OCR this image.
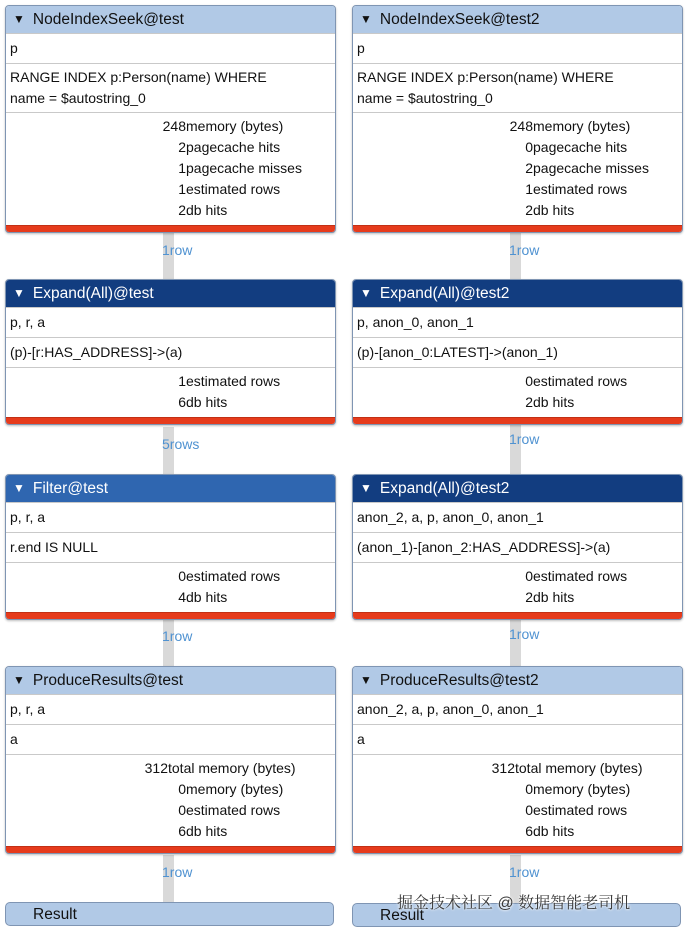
▼ NodeIndexSeek@test
p
RANGE INDEX p:Person(name) WHERE
name = $autostring_0
248memory (bytes)
2pagecache hits
1pagecache misses
1estimated rows
2db hits
1row
▼ Expand(All)@test
p, r, a
(p)-[r:HAS_ADDRESS]->(a)
1estimated rows
6db hits
5rows
▼ Filter@test
p, r, a
r.end IS NULL
0estimated rows
4db hits
1row
▼ ProduceResults@test
p, r, a
a
312total memory (bytes)
0memory (bytes)
0estimated rows
6db hits
1row
Result
▼ NodeIndexSeek@test2
p
RANGE INDEX p:Person(name) WHERE
name = $autostring_0
248memory (bytes)
0pagecache hits
2pagecache misses
1estimated rows
2db hits
1row
▼ Expand(All)@test2
p, anon_0, anon_1
(p)-[anon_0:LATEST]->(anon_1)
0estimated rows
2db hits
1row
▼ Expand(All)@test2
anon_2, a, p, anon_0, anon_1
(anon_1)-[anon_2:HAS_ADDRESS]->(a)
0estimated rows
2db hits
1row
▼ ProduceResults@test2
anon_2, a, p, anon_0, anon_1
a
312total memory (bytes)
0memory (bytes)
0estimated rows
6db hits
1row
Result
掘金技术社区 @ 数据智能老司机
